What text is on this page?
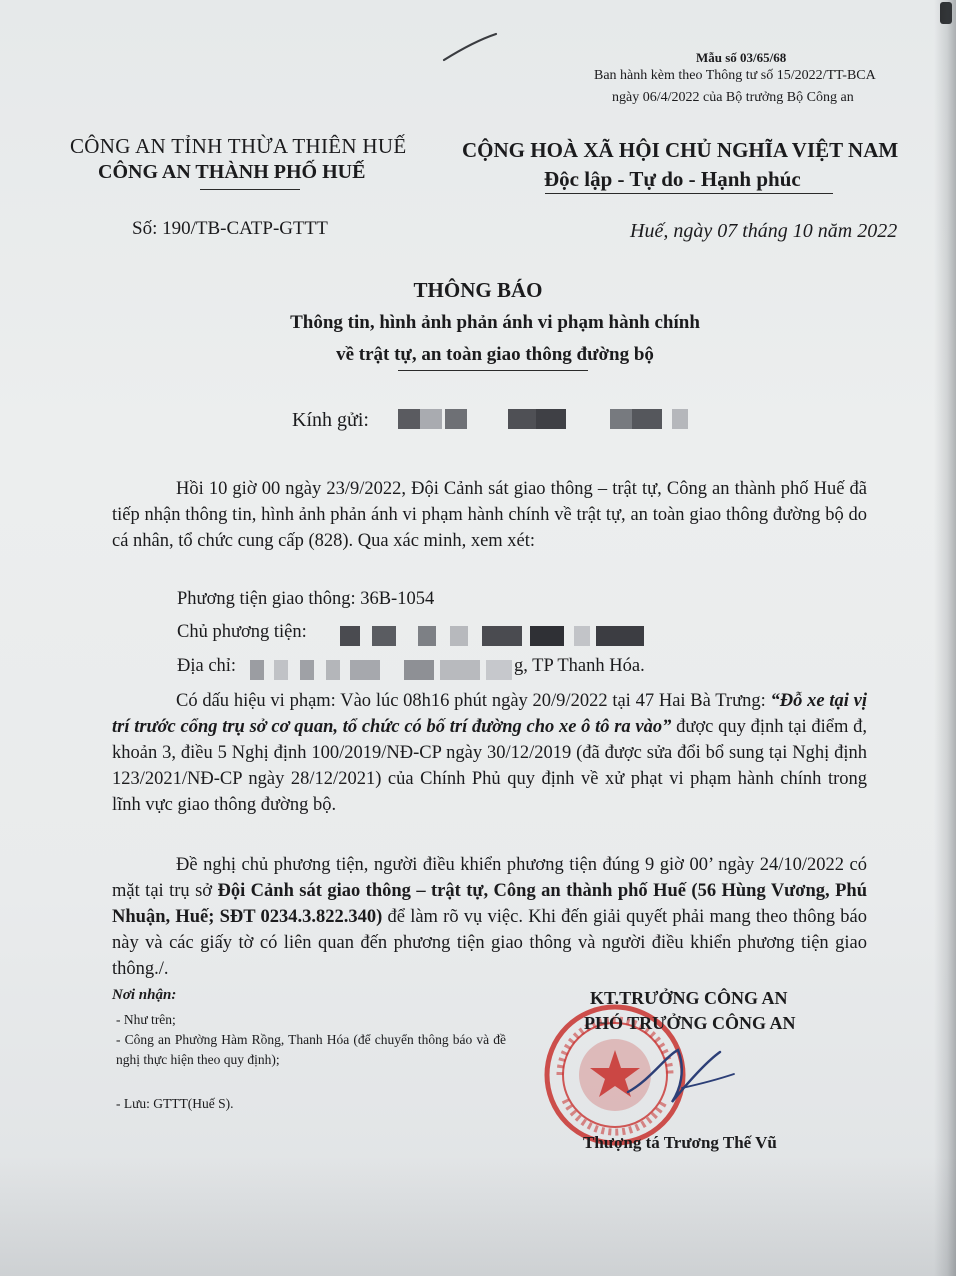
Mẫu số 03/65/68
Ban hành kèm theo Thông tư số 15/2022/TT-BCA
ngày 06/4/2022 của Bộ trưởng Bộ Công an
CÔNG AN TỈNH THỪA THIÊN HUẾ
CÔNG AN THÀNH PHỐ HUẾ
CỘNG HOÀ XÃ HỘI CHỦ NGHĨA VIỆT NAM
Độc lập - Tự do - Hạnh phúc
Số: 190/TB-CATP-GTTT	Huế, ngày 07 tháng 10 năm 2022
THÔNG BÁO
Thông tin, hình ảnh phản ánh vi phạm hành chính
về trật tự, an toàn giao thông đường bộ
Kính gửi:
Hồi 10 giờ 00 ngày 23/9/2022, Đội Cảnh sát giao thông – trật tự, Công an thành phố Huế đã tiếp nhận thông tin, hình ảnh phản ánh vi phạm hành chính về trật tự, an toàn giao thông đường bộ do cá nhân, tổ chức cung cấp (828). Qua xác minh, xem xét:
Phương tiện giao thông: 36B-1054
Chủ phương tiện:
Địa chỉ:	g, TP Thanh Hóa.
Có dấu hiệu vi phạm: Vào lúc 08h16 phút ngày 20/9/2022 tại 47 Hai Bà Trưng: “Đỗ xe tại vị trí trước cổng trụ sở cơ quan, tổ chức có bố trí đường cho xe ô tô ra vào” được quy định tại điểm đ, khoản 3, điều 5 Nghị định 100/2019/NĐ-CP ngày 30/12/2019 (đã được sửa đổi bổ sung tại Nghị định 123/2021/NĐ-CP ngày 28/12/2021) của Chính Phủ quy định về xử phạt vi phạm hành chính trong lĩnh vực giao thông đường bộ.
Đề nghị chủ phương tiện, người điều khiển phương tiện đúng 9 giờ 00’ ngày 24/10/2022 có mặt tại trụ sở Đội Cảnh sát giao thông – trật tự, Công an thành phố Huế (56 Hùng Vương, Phú Nhuận, Huế; SĐT 0234.3.822.340) để làm rõ vụ việc. Khi đến giải quyết phải mang theo thông báo này và các giấy tờ có liên quan đến phương tiện giao thông và người điều khiển phương tiện giao thông./.
Nơi nhận:
- Như trên;
- Công an Phường Hàm Rồng, Thanh Hóa (để chuyển thông báo và đề nghị thực hiện theo quy định);
- Lưu: GTTT(Huế S).
KT.TRƯỞNG CÔNG AN
PHÓ TRƯỞNG CÔNG AN
Thượng tá Trương Thế Vũ
